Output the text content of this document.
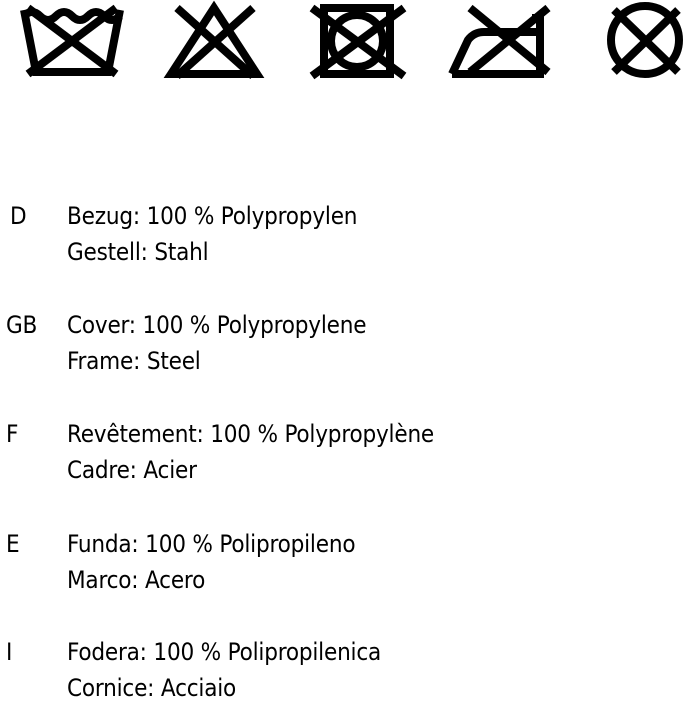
D	Bezug: 100 % Polypropylen
Gestell: Stahl
GB	Cover: 100 % Polypropylene
Frame: Steel
F	Revêtement: 100 % Polypropylène
Cadre: Acier
E	Funda: 100 % Polipropileno
Marco: Acero
I	Fodera: 100 % Polipropilenica
Cornice: Acciaio
